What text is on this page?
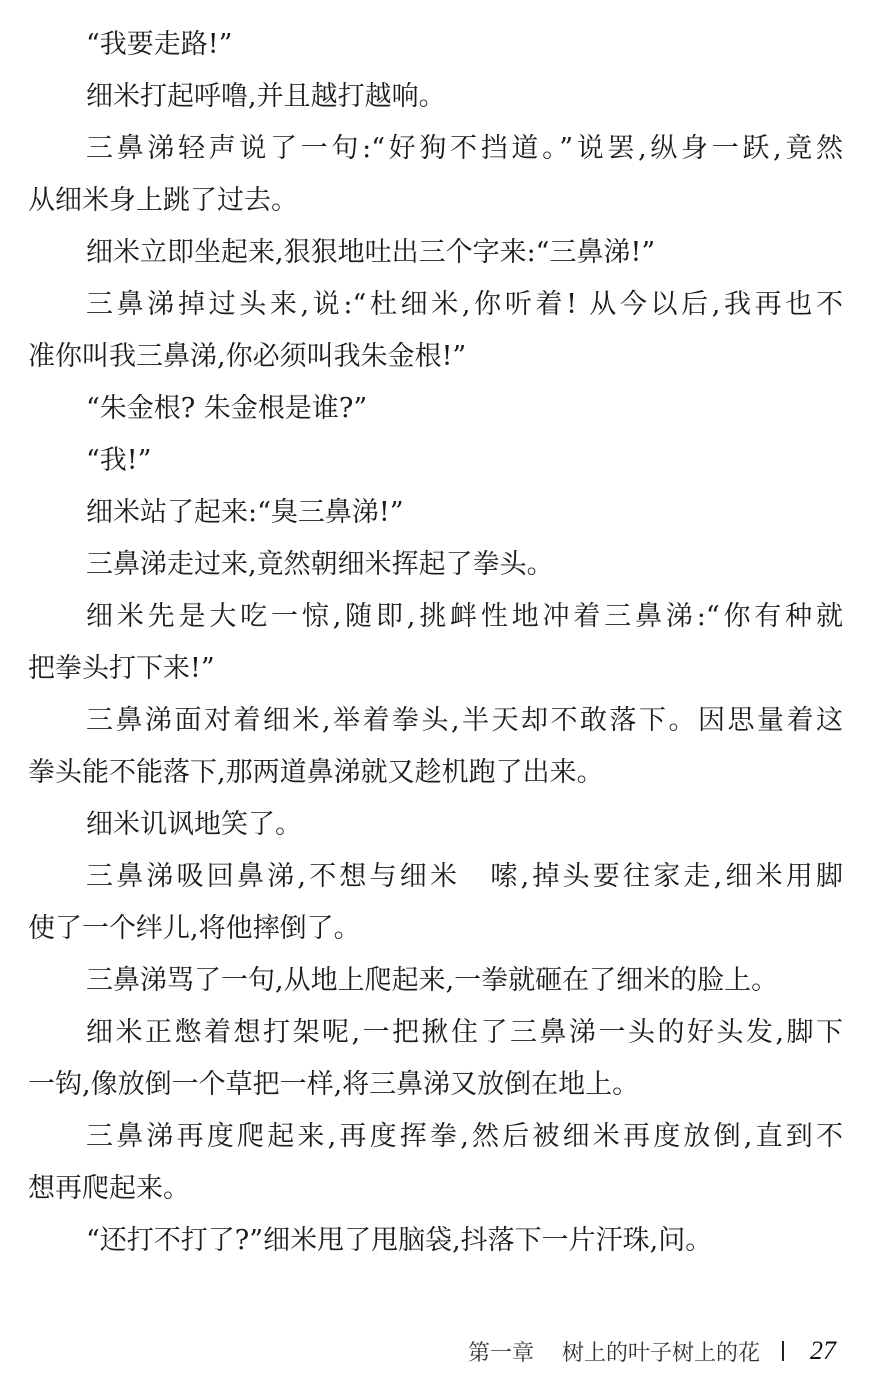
“我要走路!”
细米打起呼噜,并且越打越响。
三鼻涕轻声说了一句:“好狗不挡道。”说罢,纵身一跃,竟然
从细米身上跳了过去。
细米立即坐起来,狠狠地吐出三个字来:“三鼻涕!”
三鼻涕掉过头来,说:“杜细米,你听着! 从今以后,我再也不
准你叫我三鼻涕,你必须叫我朱金根!”
“朱金根? 朱金根是谁?”
“我!”
细米站了起来:“臭三鼻涕!”
三鼻涕走过来,竟然朝细米挥起了拳头。
细米先是大吃一惊,随即,挑衅性地冲着三鼻涕:“你有种就
把拳头打下来!”
三鼻涕面对着细米,举着拳头,半天却不敢落下。因思量着这
拳头能不能落下,那两道鼻涕就又趁机跑了出来。
细米讥讽地笑了。
三鼻涕吸回鼻涕,不想与细米　嗦,掉头要往家走,细米用脚
使了一个绊儿,将他摔倒了。
三鼻涕骂了一句,从地上爬起来,一拳就砸在了细米的脸上。
细米正憋着想打架呢,一把揪住了三鼻涕一头的好头发,脚下
一钩,像放倒一个草把一样,将三鼻涕又放倒在地上。
三鼻涕再度爬起来,再度挥拳,然后被细米再度放倒,直到不
想再爬起来。
“还打不打了?”细米甩了甩脑袋,抖落下一片汗珠,问。
第一章 树上的叶子树上的花 27
